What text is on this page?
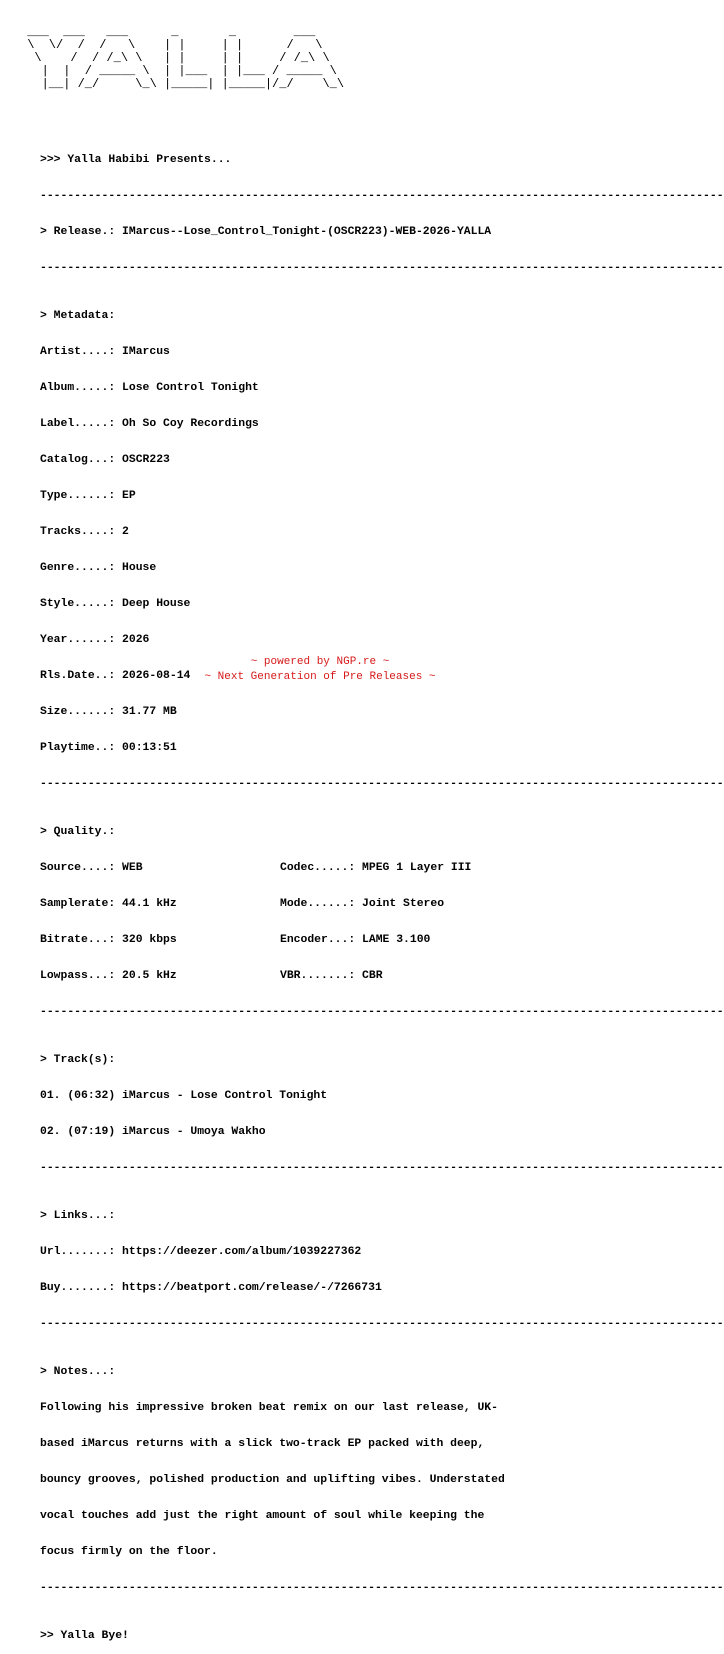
___  ___   ___      _       _        ___
\  \/  /  /   \    | |     | |      /   \
\    /  / /_\ \   | |     | |     / /_\ \
|  |  / _____ \  | |___  | |___ / _____ \
|__| /_/     \_\ |_____| |_____|/_/    \_\

>>> Yalla Habibi Presents...

----------------------------------------------------------------------------------------------------

> Release.: IMarcus--Lose_Control_Tonight-(OSCR223)-WEB-2026-YALLA

----------------------------------------------------------------------------------------------------

> Metadata:

Artist....: IMarcus

Album.....: Lose Control Tonight

Label.....: Oh So Coy Recordings

Catalog...: OSCR223

Type......: EP

Tracks....: 2

Genre.....: House

Style.....: Deep House

Year......: 2026

Rls.Date..: 2026-08-14

Size......: 31.77 MB

Playtime..: 00:13:51

----------------------------------------------------------------------------------------------------

> Quality.:

Source....: WEB	Codec.....: MPEG 1 Layer III

Samplerate: 44.1 kHz	Mode......: Joint Stereo

Bitrate...: 320 kbps	Encoder...: LAME 3.100

Lowpass...: 20.5 kHz	VBR.......: CBR

----------------------------------------------------------------------------------------------------

> Track(s):

01. (06:32) iMarcus - Lose Control Tonight

02. (07:19) iMarcus - Umoya Wakho

----------------------------------------------------------------------------------------------------

> Links...:

Url.......: https://deezer.com/album/1039227362

Buy.......: https://beatport.com/release/-/7266731

----------------------------------------------------------------------------------------------------

> Notes...:

Following his impressive broken beat remix on our last release, UK-

based iMarcus returns with a slick two-track EP packed with deep,

bouncy grooves, polished production and uplifting vibes. Understated

vocal touches add just the right amount of soul while keeping the

focus firmly on the floor.

----------------------------------------------------------------------------------------------------

>> Yalla Bye!

~ powered by NGP.re ~
~ Next Generation of Pre Releases ~
